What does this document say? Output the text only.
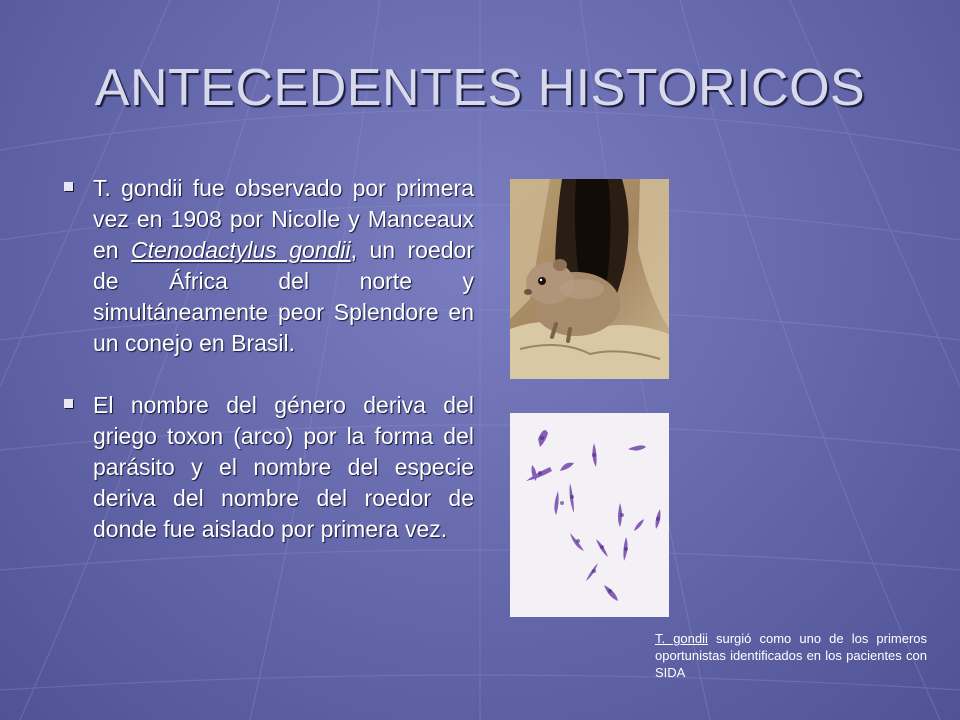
ANTECEDENTES HISTORICOS
T. gondii fue observado por primera vez en 1908 por Nicolle y Manceaux en Ctenodactylus gondii, un roedor de África del norte y simultáneamente peor Splendore en un conejo en Brasil.
El nombre del género deriva del griego toxon (arco) por la forma del parásito y el nombre del especie deriva del nombre del roedor de donde fue aislado por primera vez.
T. gondii surgió como uno de los primeros oportunistas identificados en los pacientes con SIDA
